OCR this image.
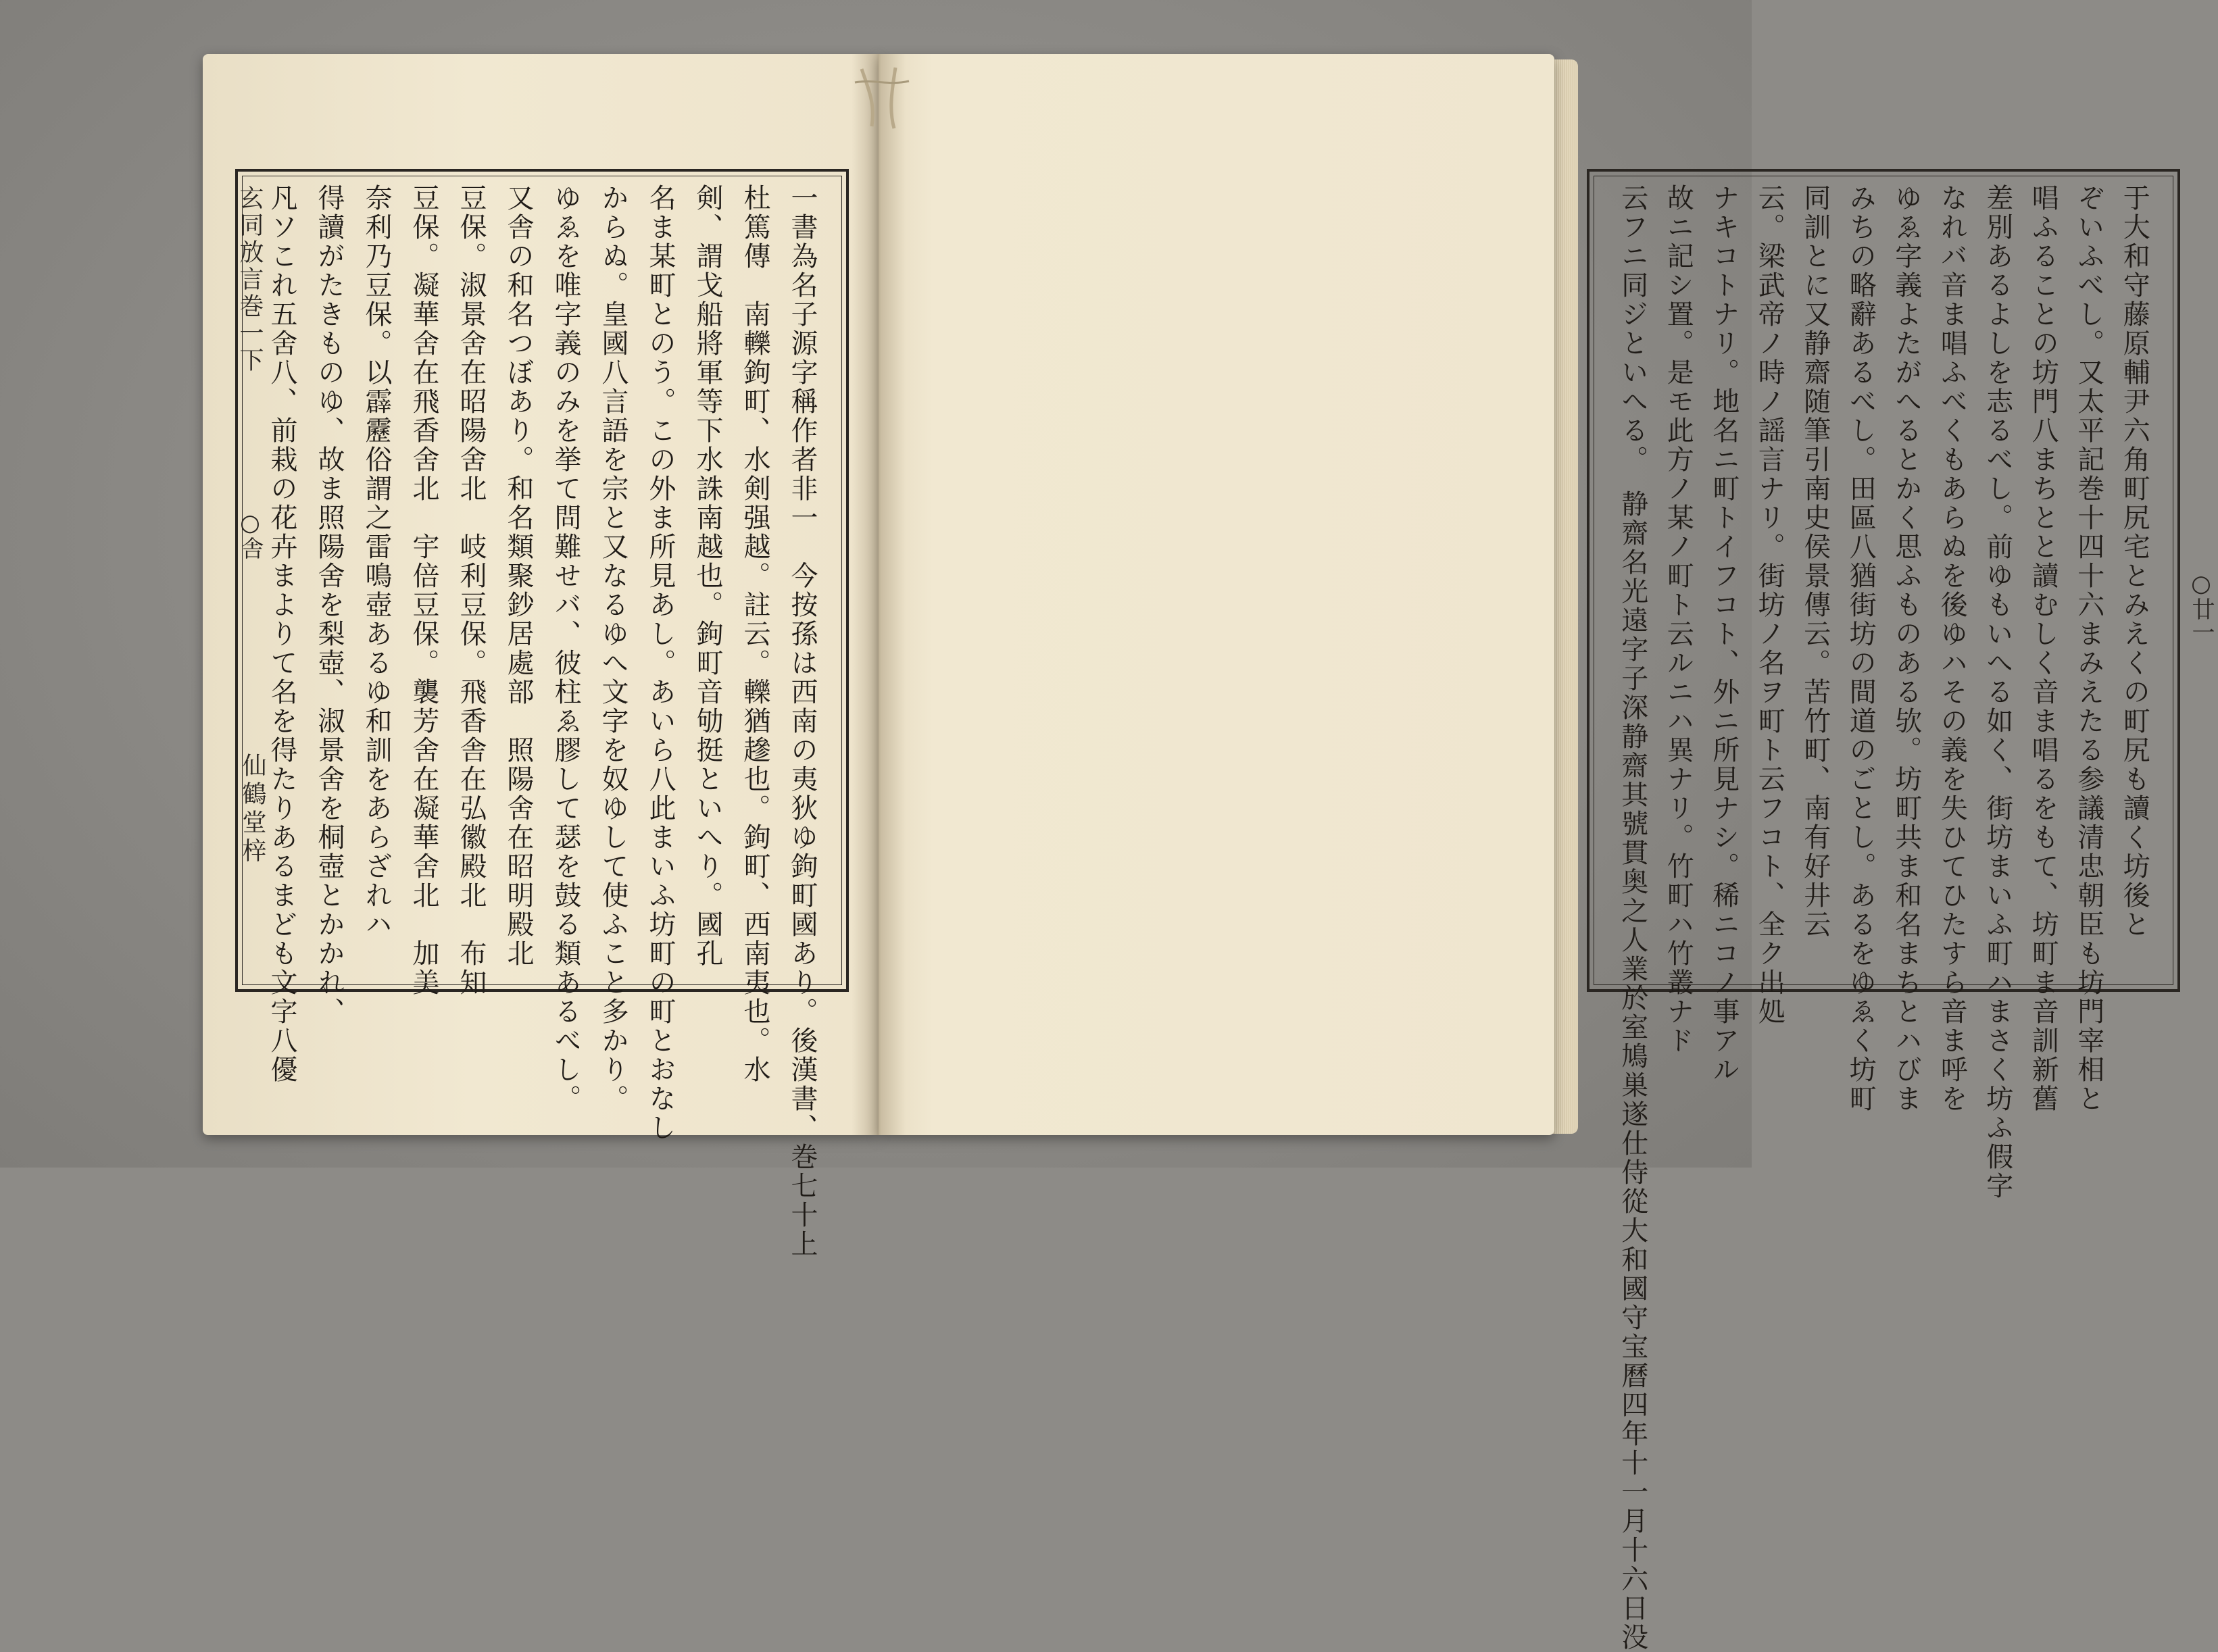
一書為名子源字稱作者非一　今按孫は西南の夷狄ゆ鉤町國あり。後漢書、巻七十上
杜篤傳　南轢鉤町、水剣强越。註云。轢猶䟃也。鉤町、西南夷也。水
剣、謂戈船將軍等下水誅南越也。鉤町音劬挺といへり。國孔
名ま某町とのう。この外ま所見あし。あいら八此まいふ坊町の町とおなし
からぬ。皇國八言語を宗と又なるゆへ文字を奴ゆして使ふこと多かり。
ゆゑを唯字義のみを挙て問難せバ、彼柱ゑ膠して瑟を鼓る類あるべし。
又舎の和名つぼあり。和名類聚鈔居處部　照陽舍在昭明殿北
豆保。淑景舍在昭陽舍北　岐利豆保。飛香舎在弘徽殿北　布知
豆保。凝華舍在飛香舍北　宇倍豆保。襲芳舍在凝華舍北　加美
奈利乃豆保。以霹靂俗謂之雷鳴壺あるゆ和訓をあらざれハ
得讀がたきものゆ、故ま照陽舍を梨壺、淑景舍を桐壺とかかれ、
凡ソこれ五舍八、前栽の花卉まよりて名を得たりあるまども文字八優
玄同放言巻一下
○舎
仙鶴堂梓	于大和守藤原輔尹六角町尻宅とみえくの町尻も讀く坊後と
ぞいふべし。又太平記巻十四十六まみえたる参議清忠朝臣も坊門宰相と
唱ふることの坊門八まちとと讀むしく音ま唱るをもて、坊町ま音訓新舊
差別あるよしを志るべし。前ゆもいへる如く、街坊まいふ町ハまさく坊ふ假字
なれバ音ま唱ふべくもあらぬを後ゆハその義を失ひてひたすら音ま呼を
ゆゑ字義よたがへるとかく思ふものある欤。坊町共ま和名まちとハびま
みちの略辭あるべし。田區八猶街坊の間道のごとし。あるをゆゑく坊町
同訓とに又静齋随筆引南史侯景傳云。苦竹町、南有好井云
云。梁武帝ノ時ノ謡言ナリ。街坊ノ名ヲ町ト云フコト、全ク出処
ナキコトナリ。地名ニ町トイフコト、外ニ所見ナシ。稀ニコノ事アル
故ニ記シ置。是モ此方ノ某ノ町ト云ルニハ異ナリ。竹町ハ竹叢ナド
云フニ同ジといへる。　静齋名光遠字子深静齋其號貫奥之人業於室鳩巣遂仕侍從大和國守宝曆四年十一月十六日没	○廿一
